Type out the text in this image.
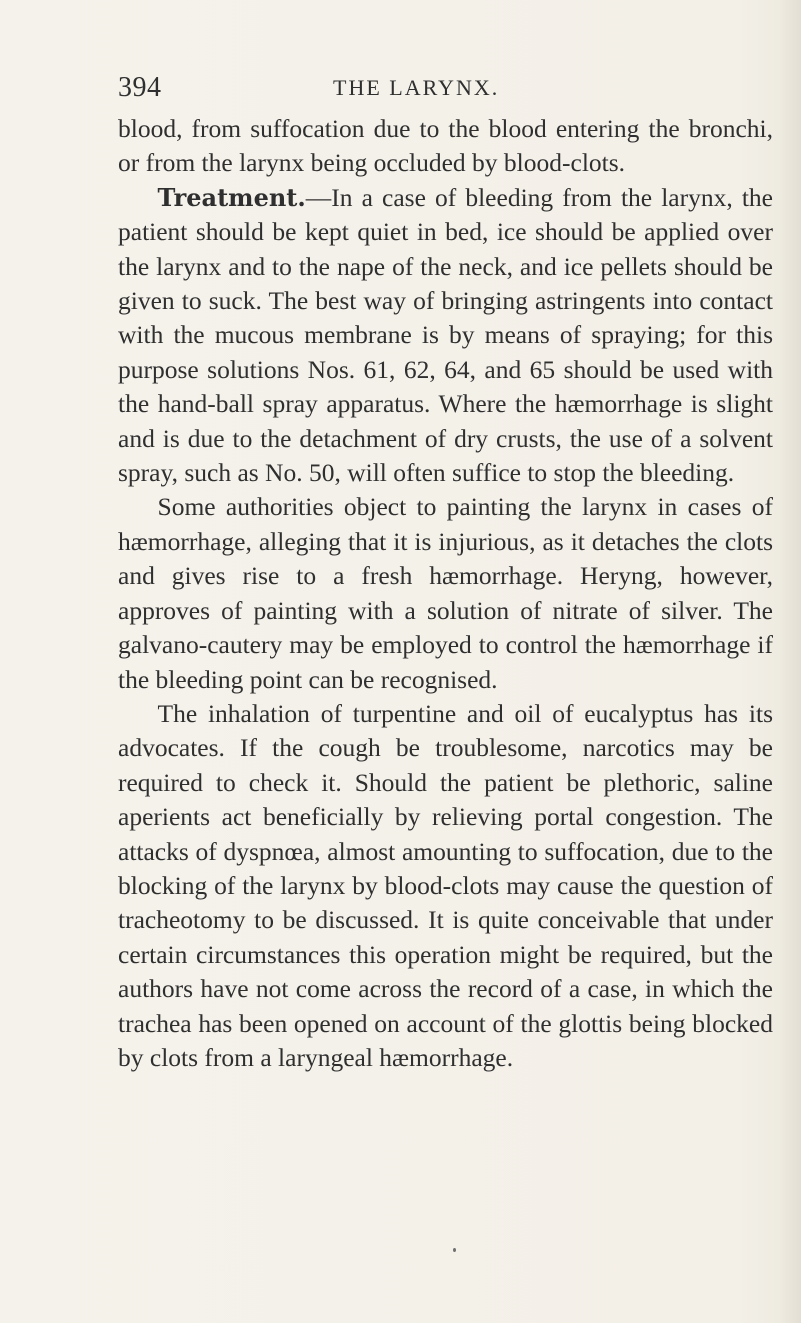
394	THE LARYNX.

blood, from suffocation due to the blood entering the bronchi, or from the larynx being occluded by blood-clots.

Treatment.—In a case of bleeding from the larynx, the patient should be kept quiet in bed, ice should be applied over the larynx and to the nape of the neck, and ice pellets should be given to suck. The best way of bringing astringents into contact with the mucous membrane is by means of spraying; for this purpose solutions Nos. 61, 62, 64, and 65 should be used with the hand-ball spray apparatus. Where the hæmorrhage is slight and is due to the detachment of dry crusts, the use of a solvent spray, such as No. 50, will often suffice to stop the bleeding.

Some authorities object to painting the larynx in cases of hæmorrhage, alleging that it is injurious, as it detaches the clots and gives rise to a fresh hæmorrhage. Heryng, however, approves of painting with a solution of nitrate of silver. The galvano-cautery may be employed to control the hæmorrhage if the bleeding point can be recognised.

The inhalation of turpentine and oil of eucalyptus has its advocates. If the cough be troublesome, narcotics may be required to check it. Should the patient be plethoric, saline aperients act beneficially by relieving portal congestion. The attacks of dyspnœa, almost amounting to suffocation, due to the blocking of the larynx by blood-clots may cause the question of tracheotomy to be discussed. It is quite conceivable that under certain circumstances this operation might be required, but the authors have not come across the record of a case, in which the trachea has been opened on account of the glottis being blocked by clots from a laryngeal hæmorrhage.
